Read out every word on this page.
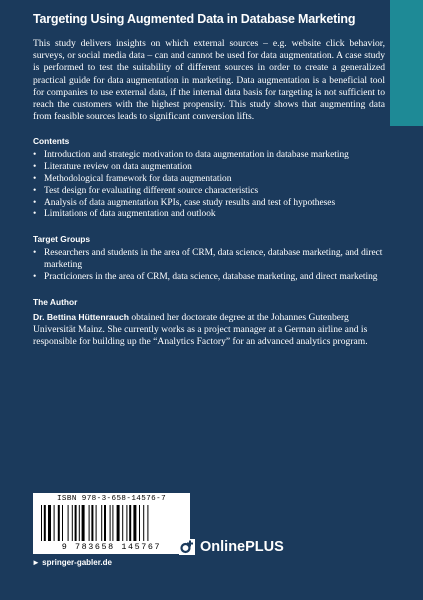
Targeting Using Augmented Data in Database Marketing

This study delivers insights on which external sources – e.g. website click behavior, surveys, or social media data – can and cannot be used for data augmentation. A case study is performed to test the suitability of different sources in order to create a generalized practical guide for data augmentation in marketing. Data augmentation is a beneficial tool for companies to use external data, if the internal data basis for targeting is not sufficient to reach the customers with the highest propensity. This study shows that augmenting data from feasible sources leads to significant conversion lifts.

Contents
• Introduction and strategic motivation to data augmentation in database marketing
• Literature review on data augmentation
• Methodological framework for data augmentation
• Test design for evaluating different source characteristics
• Analysis of data augmentation KPIs, case study results and test of hypotheses
• Limitations of data augmentation and outlook
Target Groups
• Researchers and students in the area of CRM, data science, database marketing, and direct marketing
• Practicioners in the area of CRM, data science, database marketing, and direct marketing
The Author

Dr. Bettina Hüttenrauch obtained her doctorate degree at the Johannes Gutenberg Universität Mainz. She currently works as a project manager at a German airline and is responsible for building up the “Analytics Factory” for an advanced analytics program.

ISBN 978-3-658-14576-7
9 783658 145767	OnlinePLUS
► springer-gabler.de
